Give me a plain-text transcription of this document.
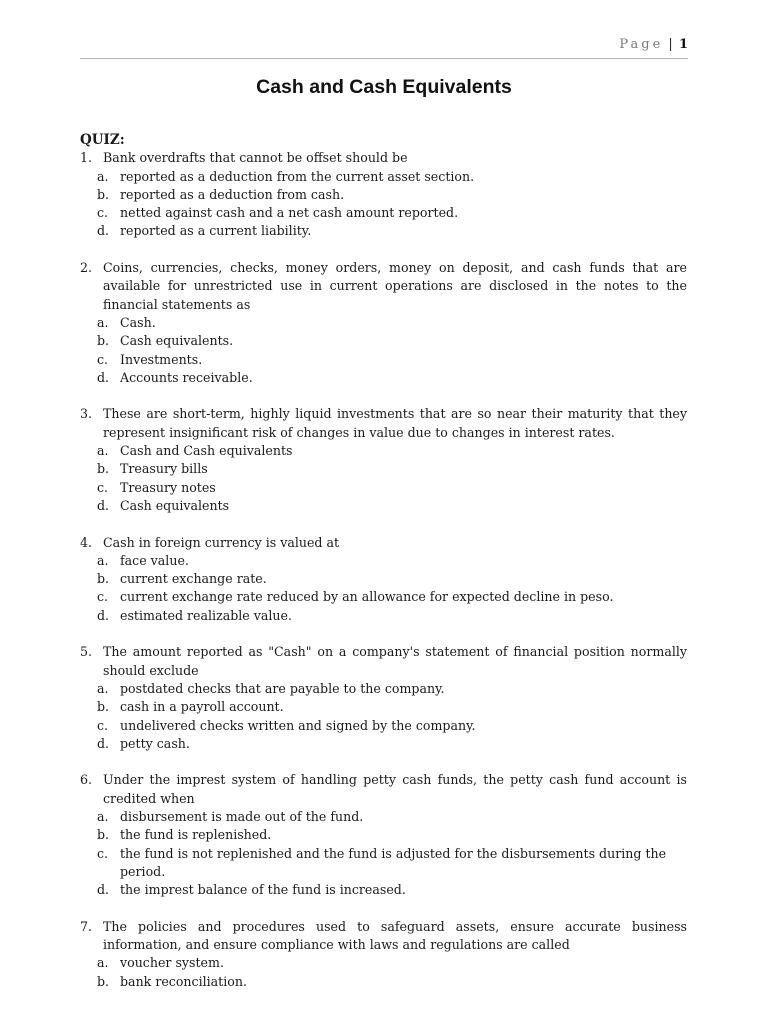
Page | 1
Cash and Cash Equivalents
QUIZ:
1. Bank overdrafts that cannot be offset should be
a. reported as a deduction from the current asset section.
b. reported as a deduction from cash.
c. netted against cash and a net cash amount reported.
d. reported as a current liability.
2. Coins, currencies, checks, money orders, money on deposit, and cash funds that are available for unrestricted use in current operations are disclosed in the notes to the financial statements as
a. Cash.
b. Cash equivalents.
c. Investments.
d. Accounts receivable.
3. These are short-term, highly liquid investments that are so near their maturity that they represent insignificant risk of changes in value due to changes in interest rates.
a. Cash and Cash equivalents
b. Treasury bills
c. Treasury notes
d. Cash equivalents
4. Cash in foreign currency is valued at
a. face value.
b. current exchange rate.
c. current exchange rate reduced by an allowance for expected decline in peso.
d. estimated realizable value.
5. The amount reported as "Cash" on a company's statement of financial position normally should exclude
a. postdated checks that are payable to the company.
b. cash in a payroll account.
c. undelivered checks written and signed by the company.
d. petty cash.
6. Under the imprest system of handling petty cash funds, the petty cash fund account is credited when
a. disbursement is made out of the fund.
b. the fund is replenished.
c. the fund is not replenished and the fund is adjusted for the disbursements during the period.
d. the imprest balance of the fund is increased.
7. The policies and procedures used to safeguard assets, ensure accurate business information, and ensure compliance with laws and regulations are called
a. voucher system.
b. bank reconciliation.
